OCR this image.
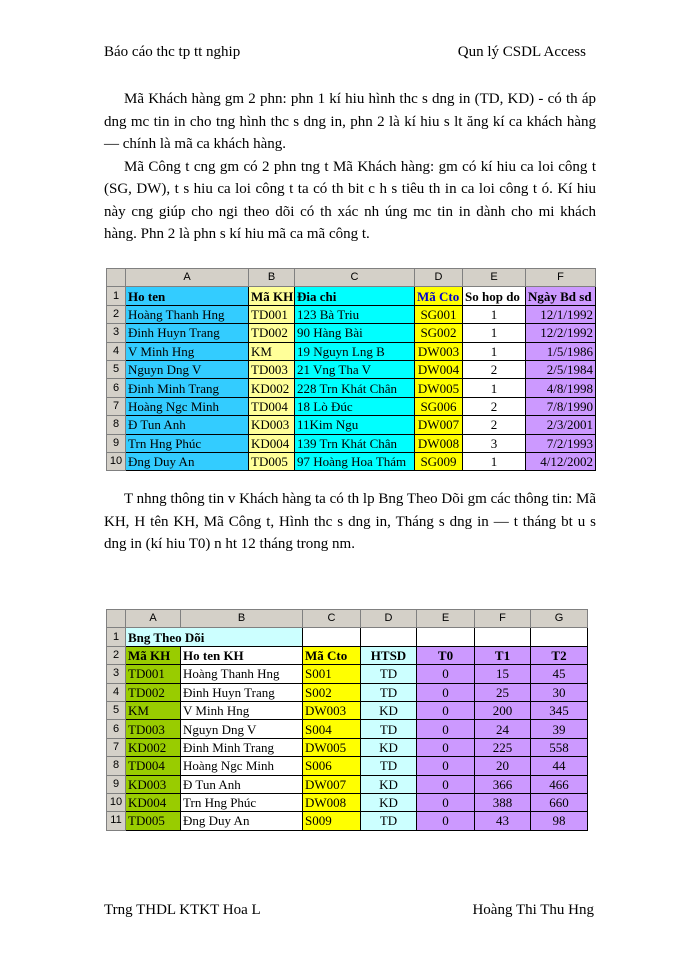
Báo cáo thc tp tt nghip	Qun lý CSDL Access

Mã Khách hàng gm 2 phn: phn 1 kí hiu hình thc s dng in (TD, KD) - có th áp dng mc tin in cho tng hình thc s dng in, phn 2 là kí hiu s lt ăng kí ca khách hàng — chính là mã ca khách hàng.

Mã Công t cng gm có 2 phn tng t Mã Khách hàng: gm có kí hiu ca loi công t (SG, DW), t s hiu ca loi công t ta có th bit c h s tiêu th in ca loi công t ó. Kí hiu này cng giúp cho ngi theo dõi có th xác nh úng mc tin in dành cho mi khách hàng. Phn 2 là phn s kí hiu mã ca mã công t.

	A	B	C	D	E	F
1	Ho ten	Mã KH	Ðia chi	Mã Cto	So hop do	Ngày Bd sd
2	Hoàng Thanh Hng	TD001	123 Bà Triu	SG001	1	12/1/1992
3	Ðinh Huyn Trang	TD002	90 Hàng Bài	SG002	1	12/2/1992
4	V Minh Hng	KM	19 Nguyn Lng B	DW003	1	1/5/1986
5	Nguyn Dng V	TD003	21 Vng Tha V	DW004	2	2/5/1984
6	Ðinh Minh Trang	KD002	228 Trn Khát Chân	DW005	1	4/8/1998
7	Hoàng Ngc Minh	TD004	18 Lò Ðúc	SG006	2	7/8/1990
8	Ð Tun Anh	KD003	11Kim Ngu	DW007	2	2/3/2001
9	Trn Hng Phúc	KD004	139 Trn Khát Chân	DW008	3	7/2/1993
10	Ðng Duy An	TD005	97 Hoàng Hoa Thám	SG009	1	4/12/2002

T nhng thông tin v Khách hàng ta có th lp Bng Theo Dõi gm các thông tin: Mã KH, H tên KH, Mã Công t, Hình thc s dng in, Tháng s dng in — t tháng bt u s dng in (kí hiu T0) n ht 12 tháng trong nm.

	A	B	C	D	E	F	G
1	Bng Theo Dõi						
2	Mã KH	Ho ten KH	Mã Cto	HTSD	T0	T1	T2
3	TD001	Hoàng Thanh Hng	S001	TD	0	15	45
4	TD002	Ðinh Huyn Trang	S002	TD	0	25	30
5	KM	V Minh Hng	DW003	KD	0	200	345
6	TD003	Nguyn Dng V	S004	TD	0	24	39
7	KD002	Ðinh Minh Trang	DW005	KD	0	225	558
8	TD004	Hoàng Ngc Minh	S006	TD	0	20	44
9	KD003	Ð Tun Anh	DW007	KD	0	366	466
10	KD004	Trn Hng Phúc	DW008	KD	0	388	660
11	TD005	Ðng Duy An	S009	TD	0	43	98
Trng THDL KTKT Hoa L	Hoàng Thi Thu Hng
